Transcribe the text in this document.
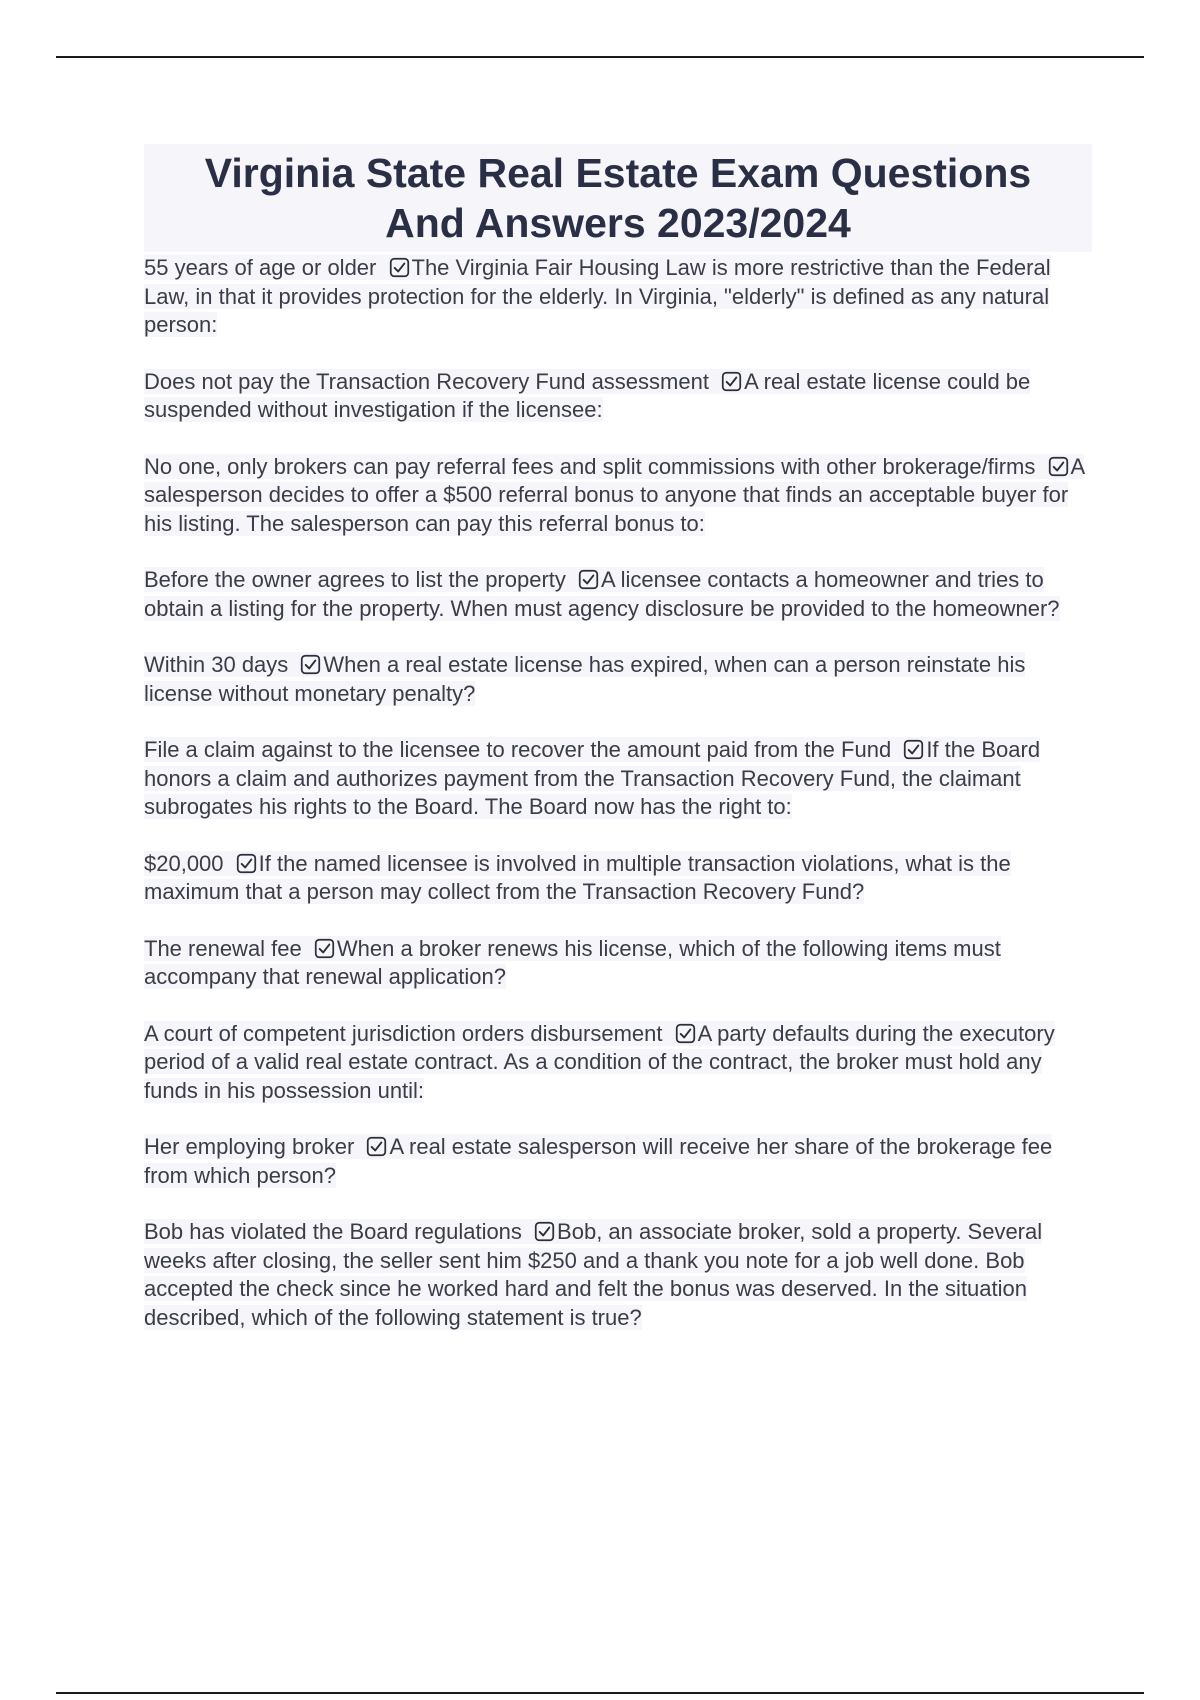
Virginia State Real Estate Exam Questions
And Answers 2023/2024
55 years of age or older The Virginia Fair Housing Law is more restrictive than the Federal Law, in that it provides protection for the elderly. In Virginia, "elderly" is defined as any natural person:
Does not pay the Transaction Recovery Fund assessment A real estate license could be suspended without investigation if the licensee:
No one, only brokers can pay referral fees and split commissions with other brokerage/firms A salesperson decides to offer a $500 referral bonus to anyone that finds an acceptable buyer for his listing. The salesperson can pay this referral bonus to:
Before the owner agrees to list the property A licensee contacts a homeowner and tries to obtain a listing for the property. When must agency disclosure be provided to the homeowner?
Within 30 days When a real estate license has expired, when can a person reinstate his license without monetary penalty?
File a claim against to the licensee to recover the amount paid from the Fund If the Board honors a claim and authorizes payment from the Transaction Recovery Fund, the claimant subrogates his rights to the Board. The Board now has the right to:
$20,000 If the named licensee is involved in multiple transaction violations, what is the maximum that a person may collect from the Transaction Recovery Fund?
The renewal fee When a broker renews his license, which of the following items must accompany that renewal application?
A court of competent jurisdiction orders disbursement A party defaults during the executory period of a valid real estate contract. As a condition of the contract, the broker must hold any funds in his possession until:
Her employing broker A real estate salesperson will receive her share of the brokerage fee from which person?
Bob has violated the Board regulations Bob, an associate broker, sold a property. Several weeks after closing, the seller sent him $250 and a thank you note for a job well done. Bob accepted the check since he worked hard and felt the bonus was deserved. In the situation described, which of the following statement is true?
